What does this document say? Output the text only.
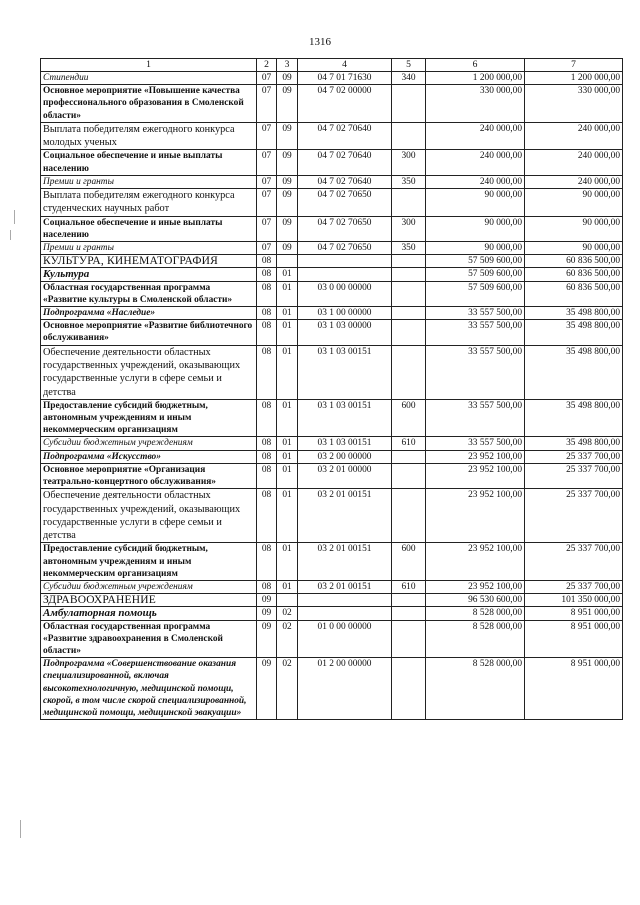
1316
1	2	3	4	5	6	7
Стипендии	07	09	04 7 01 71630	340	1 200 000,00	1 200 000,00
Основное мероприятие «Повышение качества профессионального образования в Смоленской области»	07	09	04 7 02 00000		330 000,00	330 000,00
Выплата победителям ежегодного конкурса молодых ученых	07	09	04 7 02 70640		240 000,00	240 000,00
Социальное обеспечение и иные выплаты населению	07	09	04 7 02 70640	300	240 000,00	240 000,00
Премии и гранты	07	09	04 7 02 70640	350	240 000,00	240 000,00
Выплата победителям ежегодного конкурса студенческих научных работ	07	09	04 7 02 70650		90 000,00	90 000,00
Социальное обеспечение и иные выплаты населению	07	09	04 7 02 70650	300	90 000,00	90 000,00
Премии и гранты	07	09	04 7 02 70650	350	90 000,00	90 000,00
КУЛЬТУРА, КИНЕМАТОГРАФИЯ	08				57 509 600,00	60 836 500,00
Культура	08	01			57 509 600,00	60 836 500,00
Областная государственная программа «Развитие культуры в Смоленской области»	08	01	03 0 00 00000		57 509 600,00	60 836 500,00
Подпрограмма «Наследие»	08	01	03 1 00 00000		33 557 500,00	35 498 800,00
Основное мероприятие «Развитие библиотечного обслуживания»	08	01	03 1 03 00000		33 557 500,00	35 498 800,00
Обеспечение деятельности областных государственных учреждений, оказывающих государственные услуги в сфере семьи и детства	08	01	03 1 03 00151		33 557 500,00	35 498 800,00
Предоставление субсидий бюджетным, автономным учреждениям и иным некоммерческим организациям	08	01	03 1 03 00151	600	33 557 500,00	35 498 800,00
Субсидии бюджетным учреждениям	08	01	03 1 03 00151	610	33 557 500,00	35 498 800,00
Подпрограмма «Искусство»	08	01	03 2 00 00000		23 952 100,00	25 337 700,00
Основное мероприятие «Организация театрально-концертного обслуживания»	08	01	03 2 01 00000		23 952 100,00	25 337 700,00
Обеспечение деятельности областных государственных учреждений, оказывающих государственные услуги в сфере семьи и детства	08	01	03 2 01 00151		23 952 100,00	25 337 700,00
Предоставление субсидий бюджетным, автономным учреждениям и иным некоммерческим организациям	08	01	03 2 01 00151	600	23 952 100,00	25 337 700,00
Субсидии бюджетным учреждениям	08	01	03 2 01 00151	610	23 952 100,00	25 337 700,00
ЗДРАВООХРАНЕНИЕ	09				96 530 600,00	101 350 000,00
Амбулаторная помощь	09	02			8 528 000,00	8 951 000,00
Областная государственная программа «Развитие здравоохранения в Смоленской области»	09	02	01 0 00 00000		8 528 000,00	8 951 000,00
Подпрограмма «Совершенствование оказания специализированной, включая высокотехнологичную, медицинской помощи, скорой, в том числе скорой специализированной, медицинской помощи, медицинской эвакуации»	09	02	01 2 00 00000		8 528 000,00	8 951 000,00
